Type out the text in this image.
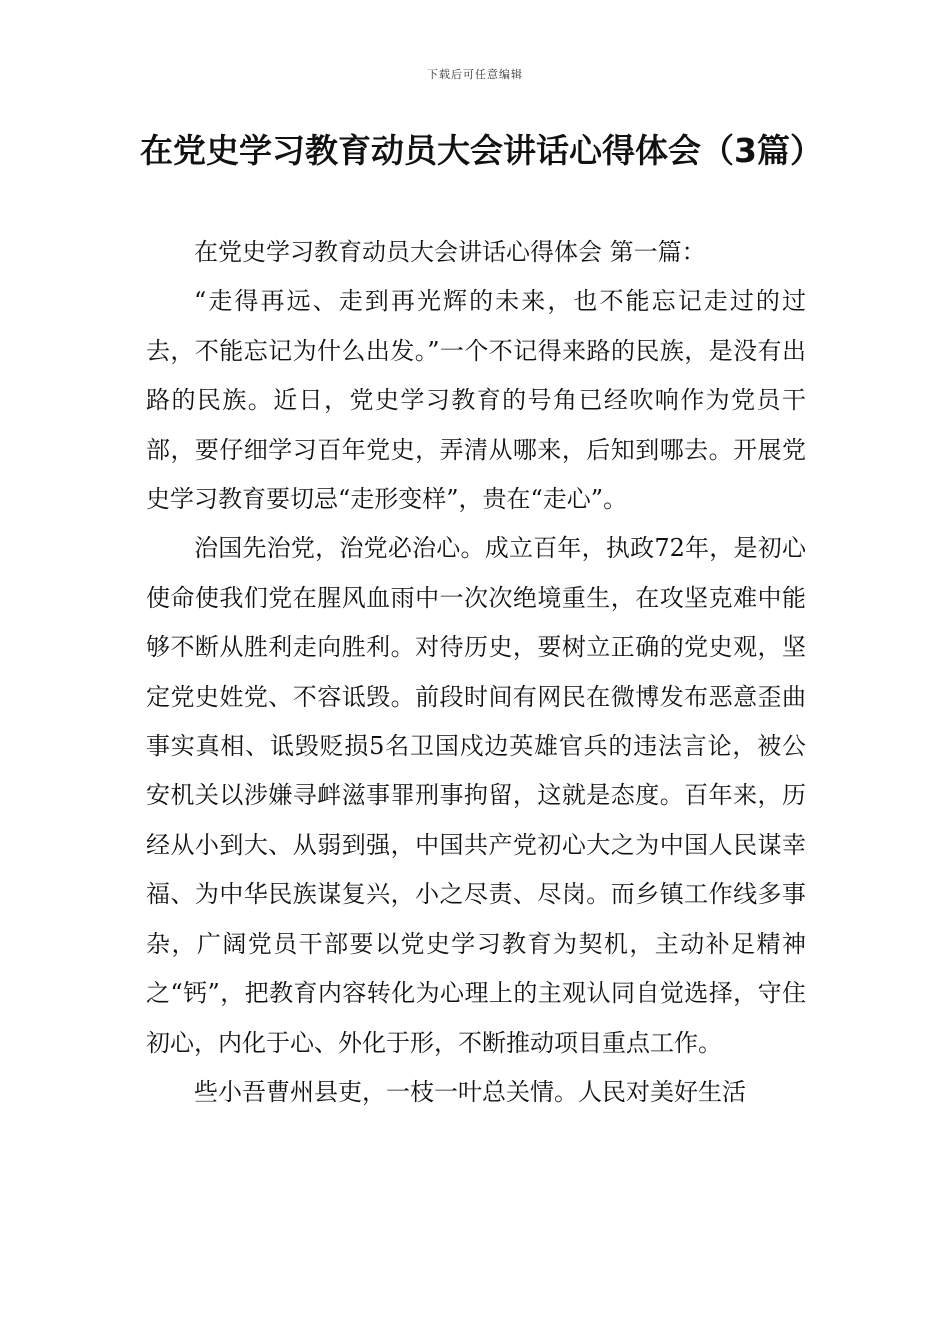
下载后可任意编辑
在党史学习教育动员大会讲话心得体会（3篇）

在党史学习教育动员大会讲话心得体会 第一篇：

“走得再远、走到再光辉的未来，也不能忘记走过的过去，不能忘记为什么出发。”一个不记得来路的民族，是没有出路的民族。近日，党史学习教育的号角已经吹响作为党员干部，要仔细学习百年党史，弄清从哪来，后知到哪去。开展党史学习教育要切忌“走形变样”，贵在“走心”。

治国先治党，治党必治心。成立百年，执政72年，是初心使命使我们党在腥风血雨中一次次绝境重生，在攻坚克难中能够不断从胜利走向胜利。对待历史，要树立正确的党史观，坚定党史姓党、不容诋毁。前段时间有网民在微博发布恶意歪曲事实真相、诋毁贬损5名卫国戍边英雄官兵的违法言论，被公安机关以涉嫌寻衅滋事罪刑事拘留，这就是态度。百年来，历经从小到大、从弱到强，中国共产党初心大之为中国人民谋幸福、为中华民族谋复兴，小之尽责、尽岗。而乡镇工作线多事杂，广阔党员干部要以党史学习教育为契机，主动补足精神之“钙”，把教育内容转化为心理上的主观认同自觉选择，守住初心，内化于心、外化于形，不断推动项目重点工作。

些小吾曹州县吏，一枝一叶总关情。人民对美好生活
